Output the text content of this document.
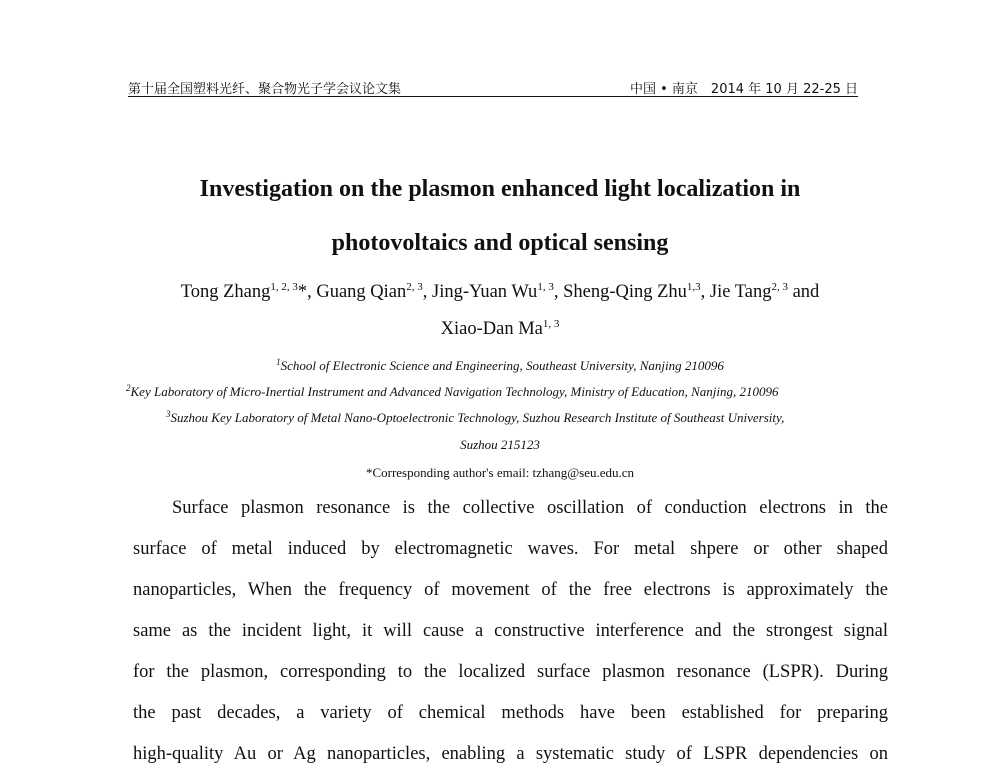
第十届全国塑料光纤、聚合物光子学会议论文集	中国 • 南京　2014 年 10 月 22-25 日
Investigation on the plasmon enhanced light localization in
photovoltaics and optical sensing
Tong Zhang$^{1, 2, 3}$*, Guang Qian$^{2, 3}$, Jing-Yuan Wu$^{1, 3}$, Sheng-Qing Zhu$^{1,3}$, Jie Tang$^{2, 3}$ and
Xiao-Dan Ma$^{1, 3}$
$^1$School of Electronic Science and Engineering, Southeast University, Nanjing 210096
$^2$Key Laboratory of Micro-Inertial Instrument and Advanced Navigation Technology, Ministry of Education, Nanjing, 210096
$^3$Suzhou Key Laboratory of Metal Nano-Optoelectronic Technology, Suzhou Research Institute of Southeast University,
Suzhou 215123
*Corresponding author's email: tzhang@seu.edu.cn
Surface plasmon resonance is the collective oscillation of conduction electrons in the
surface of metal induced by electromagnetic waves. For metal shpere or other shaped
nanoparticles, When the frequency of movement of the free electrons is approximately the
same as the incident light, it will cause a constructive interference and the strongest signal
for the plasmon, corresponding to the localized surface plasmon resonance (LSPR). During
the past decades, a variety of chemical methods have been established for preparing
high-quality Au or Ag nanoparticles, enabling a systematic study of LSPR dependencies on
